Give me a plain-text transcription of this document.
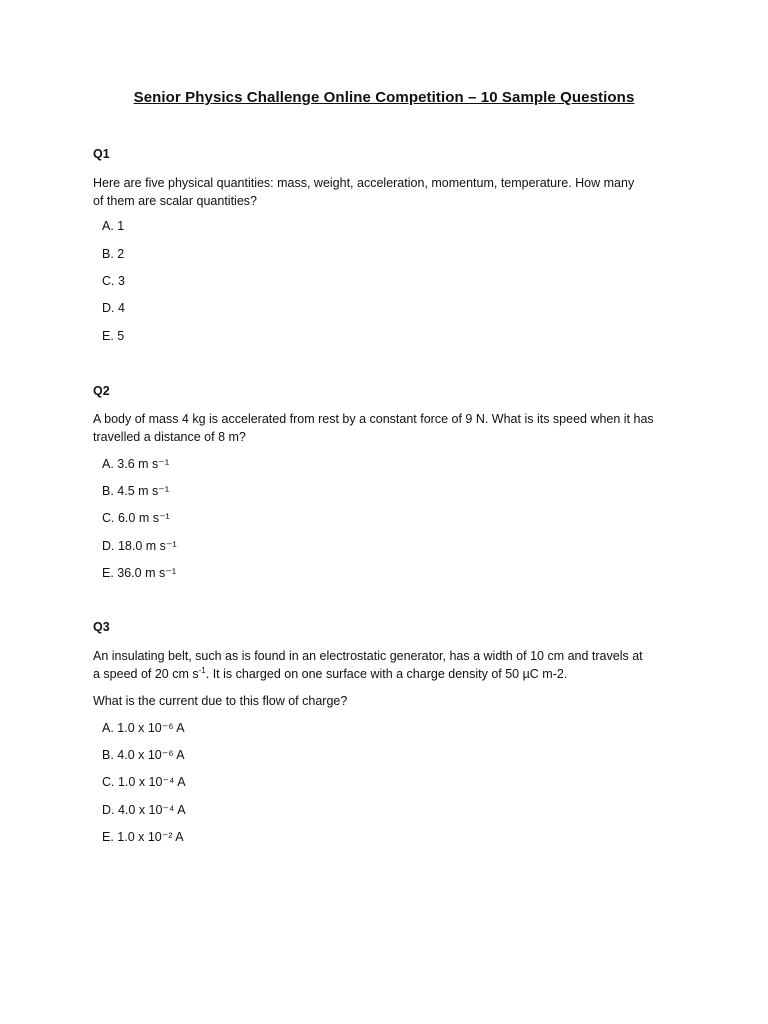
Senior Physics Challenge Online Competition – 10 Sample Questions
Q1
Here are five physical quantities: mass, weight, acceleration, momentum, temperature. How many
of them are scalar quantities?
A. 1
B. 2
C. 3
D. 4
E. 5
Q2
A body of mass 4 kg is accelerated from rest by a constant force of 9 N. What is its speed when it has
travelled a distance of 8 m?
A. 3.6 m s⁻¹
B. 4.5 m s⁻¹
C. 6.0 m s⁻¹
D. 18.0 m s⁻¹
E. 36.0 m s⁻¹
Q3
An insulating belt, such as is found in an electrostatic generator, has a width of 10 cm and travels at
a speed of 20 cm $s^{-1}$. It is charged on one surface with a charge density of 50 µC m-2.
What is the current due to this flow of charge?
A. 1.0 x 10⁻⁶ A
B. 4.0 x 10⁻⁶ A
C. 1.0 x 10⁻⁴ A
D. 4.0 x 10⁻⁴ A
E. 1.0 x 10⁻² A
